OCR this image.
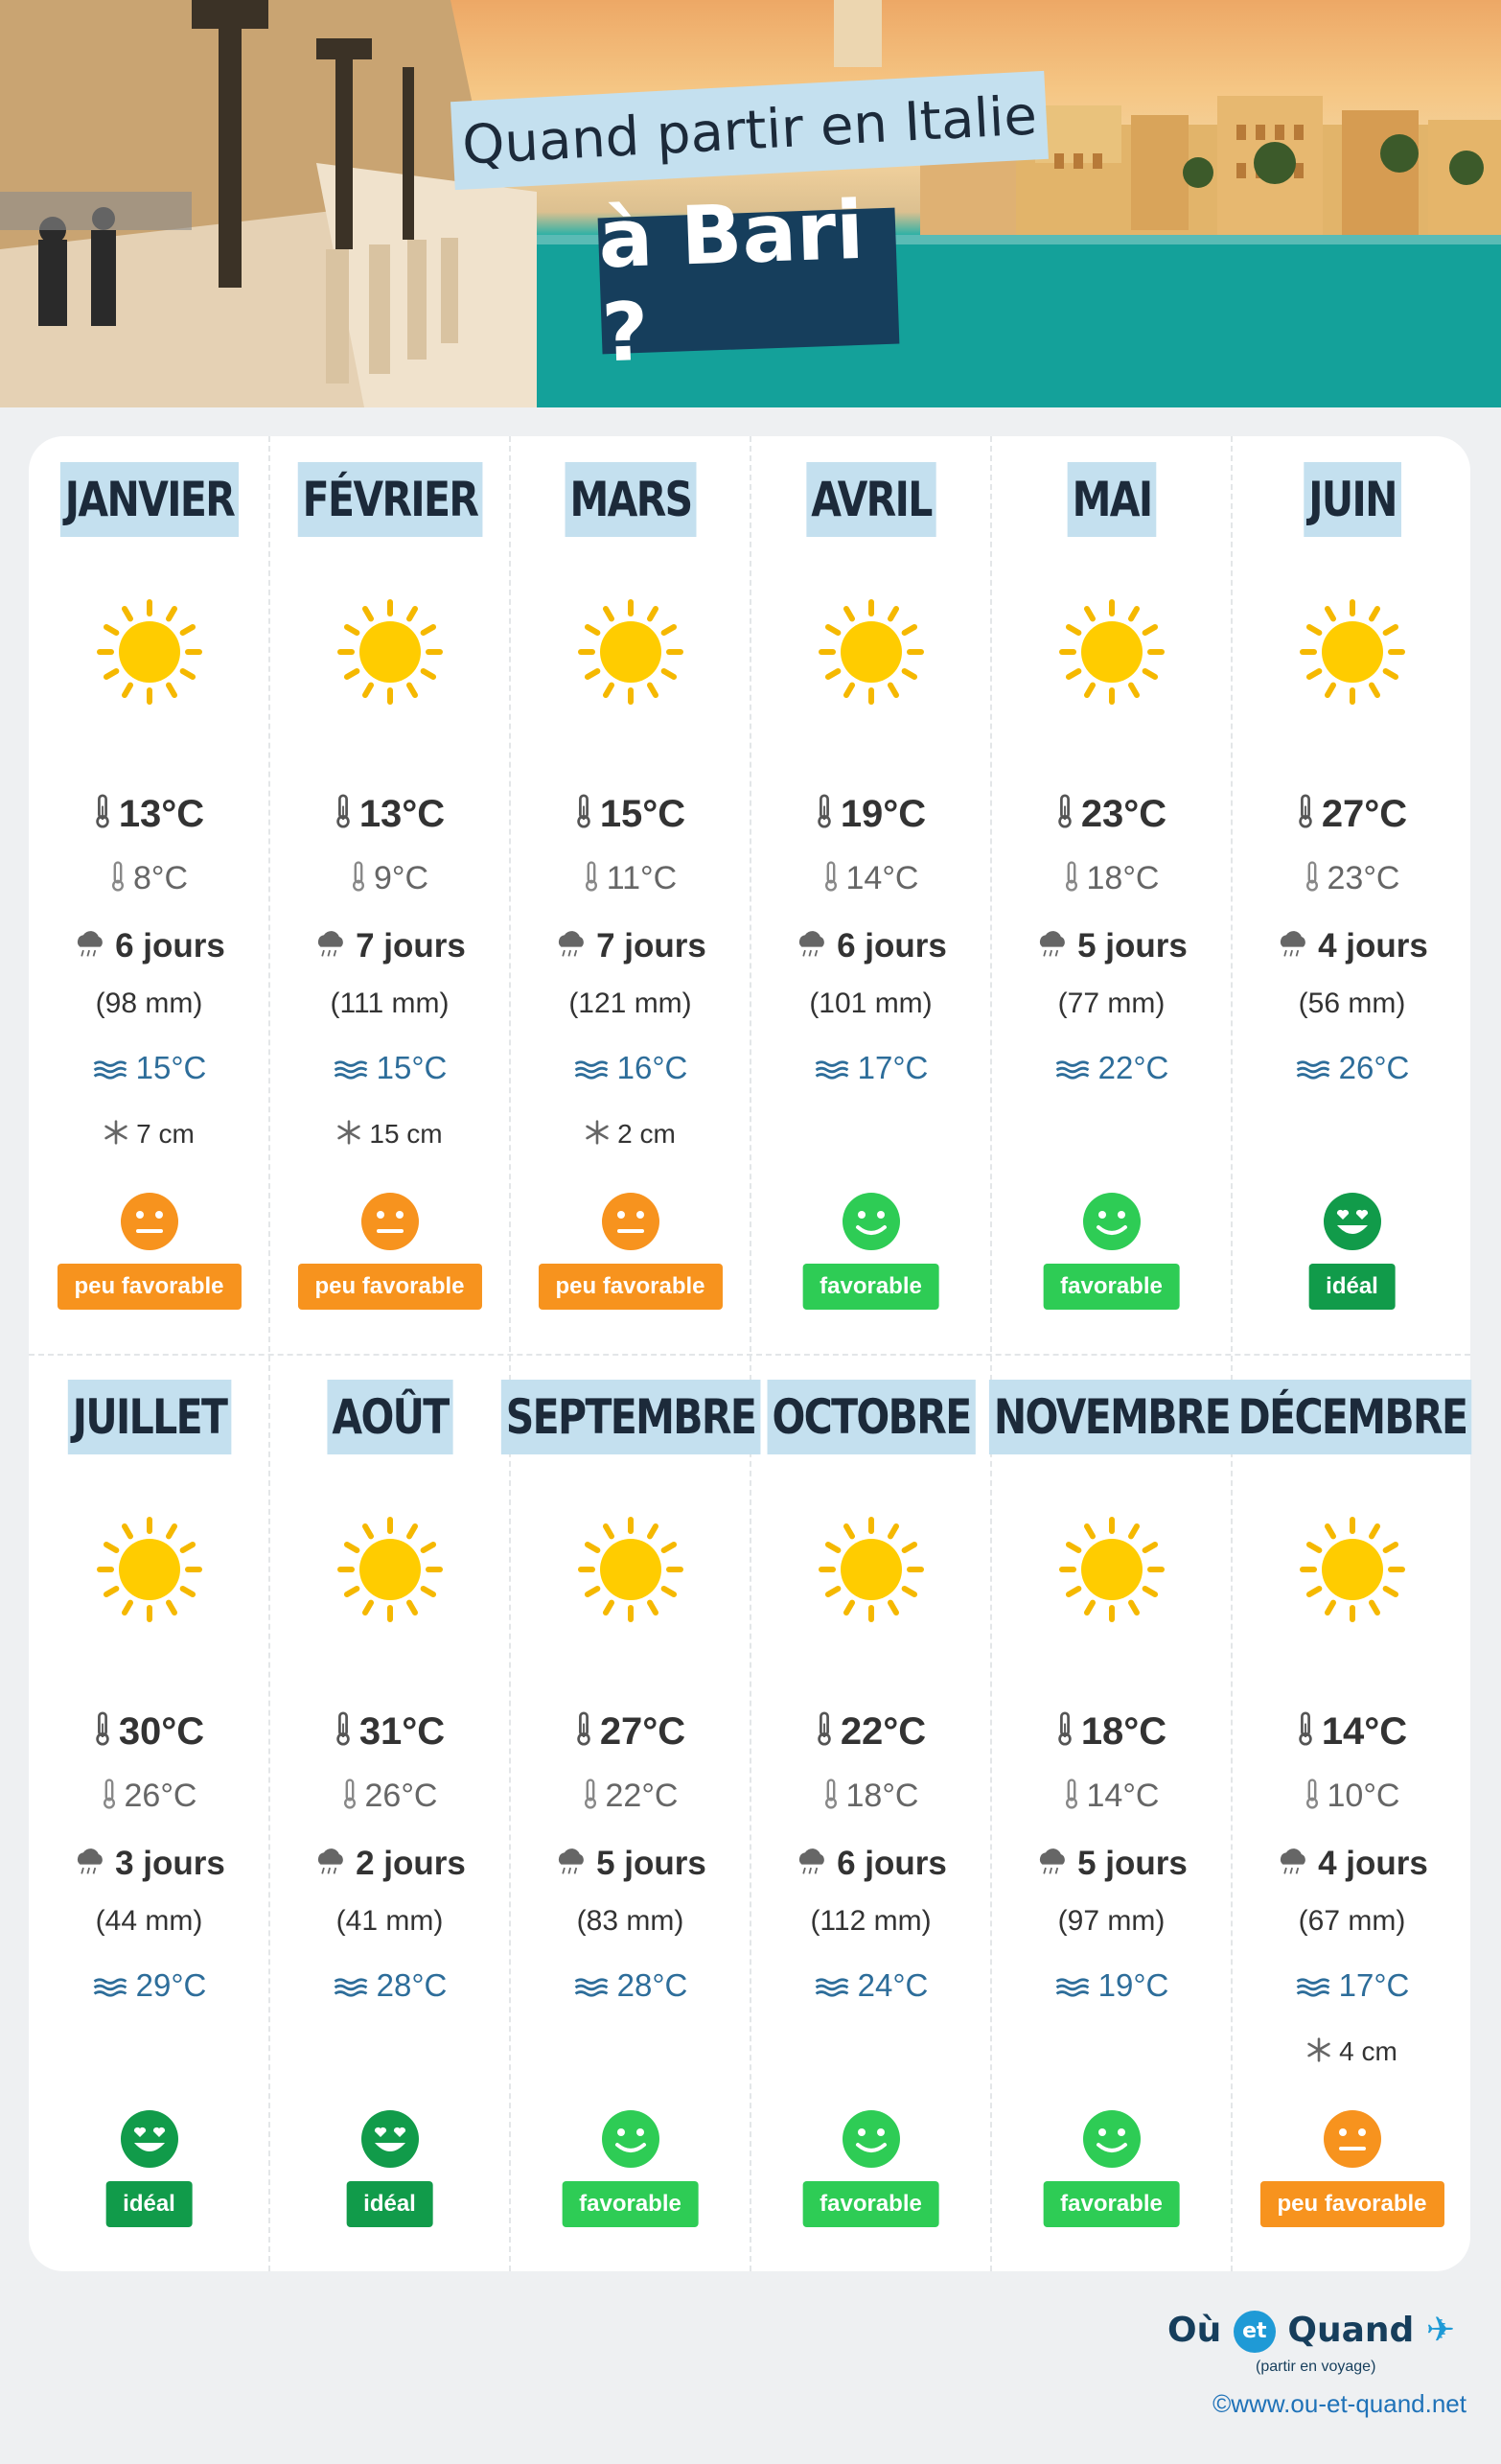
Quand partir en Italie
à Bari ?
JANVIER
13°C
8°C
6 jours
(98 mm)
15°C
7 cm
peu favorable
FÉVRIER
13°C
9°C
7 jours
(111 mm)
15°C
15 cm
peu favorable
MARS
15°C
11°C
7 jours
(121 mm)
16°C
2 cm
peu favorable
AVRIL
19°C
14°C
6 jours
(101 mm)
17°C
favorable
MAI
23°C
18°C
5 jours
(77 mm)
22°C
favorable
JUIN
27°C
23°C
4 jours
(56 mm)
26°C
idéal
JUILLET
30°C
26°C
3 jours
(44 mm)
29°C
idéal
AOÛT
31°C
26°C
2 jours
(41 mm)
28°C
idéal
SEPTEMBRE
27°C
22°C
5 jours
(83 mm)
28°C
favorable
OCTOBRE
22°C
18°C
6 jours
(112 mm)
24°C
favorable
NOVEMBRE
18°C
14°C
5 jours
(97 mm)
19°C
favorable
DÉCEMBRE
14°C
10°C
4 jours
(67 mm)
17°C
4 cm
peu favorable
Où et Quand ✈
(partir en voyage)
©www.ou-et-quand.net
